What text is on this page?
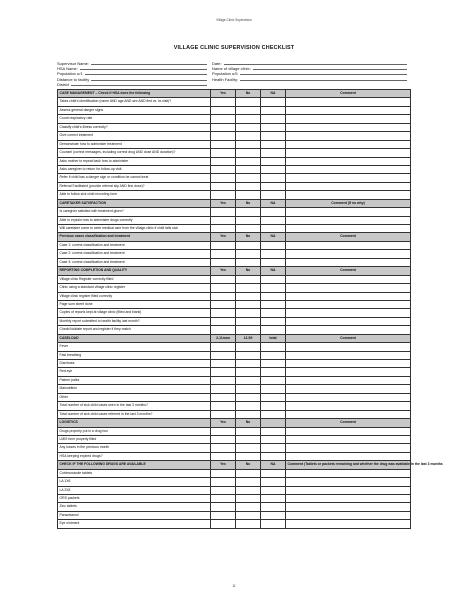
Village Clinic Supervision
VILLAGE CLINIC SUPERVISION CHECKLIST
Supervisor Name:
HSA Name:
Population u/1
Distance to facility
District
Date:
Name of village clinic:
Population u/5
Health Facility:
CASE MANAGEMENT – Check if HSA does the following	Yes	No	NA	Comment
Takes child's identification (name AND age AND sex AND first vs. re-visit)?				
Assess general danger signs				
Count respiratory rate				
Classify child's illness correctly?				
Give correct treatment				
Demonstrate how to administer treatment				
Counsel (correct messages, including correct drug AND dose AND duration)?				
Asks mother to repeat back how to administer				
Asks caregiver to return for follow-up visit				
Refer if child has a danger sign or condition he cannot treat				
Referral Facilitated (provide referral slip AND first dose)?				
Able to follow sick child recording form				
CARETAKER SATISFACTION	Yes	No	NA	Comment (If no why)
Is caregiver satisfied with treatment given?				
Able to explain how to administer drugs correctly				
Will caretaker come to seek medical care from the village clinic if child falls sick				
Previous cases classification and treatment	Yes	No	NA	Comment
Case 1: correct classification and treatment				
Case 2: correct classification and treatment				
Case 3: correct classification and treatment				
REPORTING COMPLETION AND QUALITY	Yes	No	NA	Comment
Village clinic Register correctly filled				
Clinic using a standard village clinic register				
Village clinic register filled correctly				
Page sum sheet done				
Copies of reports kept at village clinic (filled and blank)				
Monthly report submitted to health facility last month?				
Check/Validate report and register if they match				
CASELOAD	2-11mon	12-59	total	Comment
Fever				
Fast breathing				
Diarrhoea				
Red eye				
Palmer pallor				
Malnutrition				
Other				
Total number of sick child cases seen in the last 3 months?				
Total number of sick child cases referred in the last 3 months?				
LOGISTICS	Yes	No		Comment
Drugs properly put in a drug box				
LMIS form properly filled				
Any losses in the previous month				
HSA keeping expired drugs?				
CHECK IF THE FOLLOWING DRUGS ARE AVAILABLE	Yes	No	NA	Comment (Tablets or packets remaining and whether the drug was available in the last 3 months
Cotrimoxazole tablets				
LA 1X6				
LA 2X6				
ORS packets				
Zinc tablets				
Paracetamol				
Eye ointment				
11
